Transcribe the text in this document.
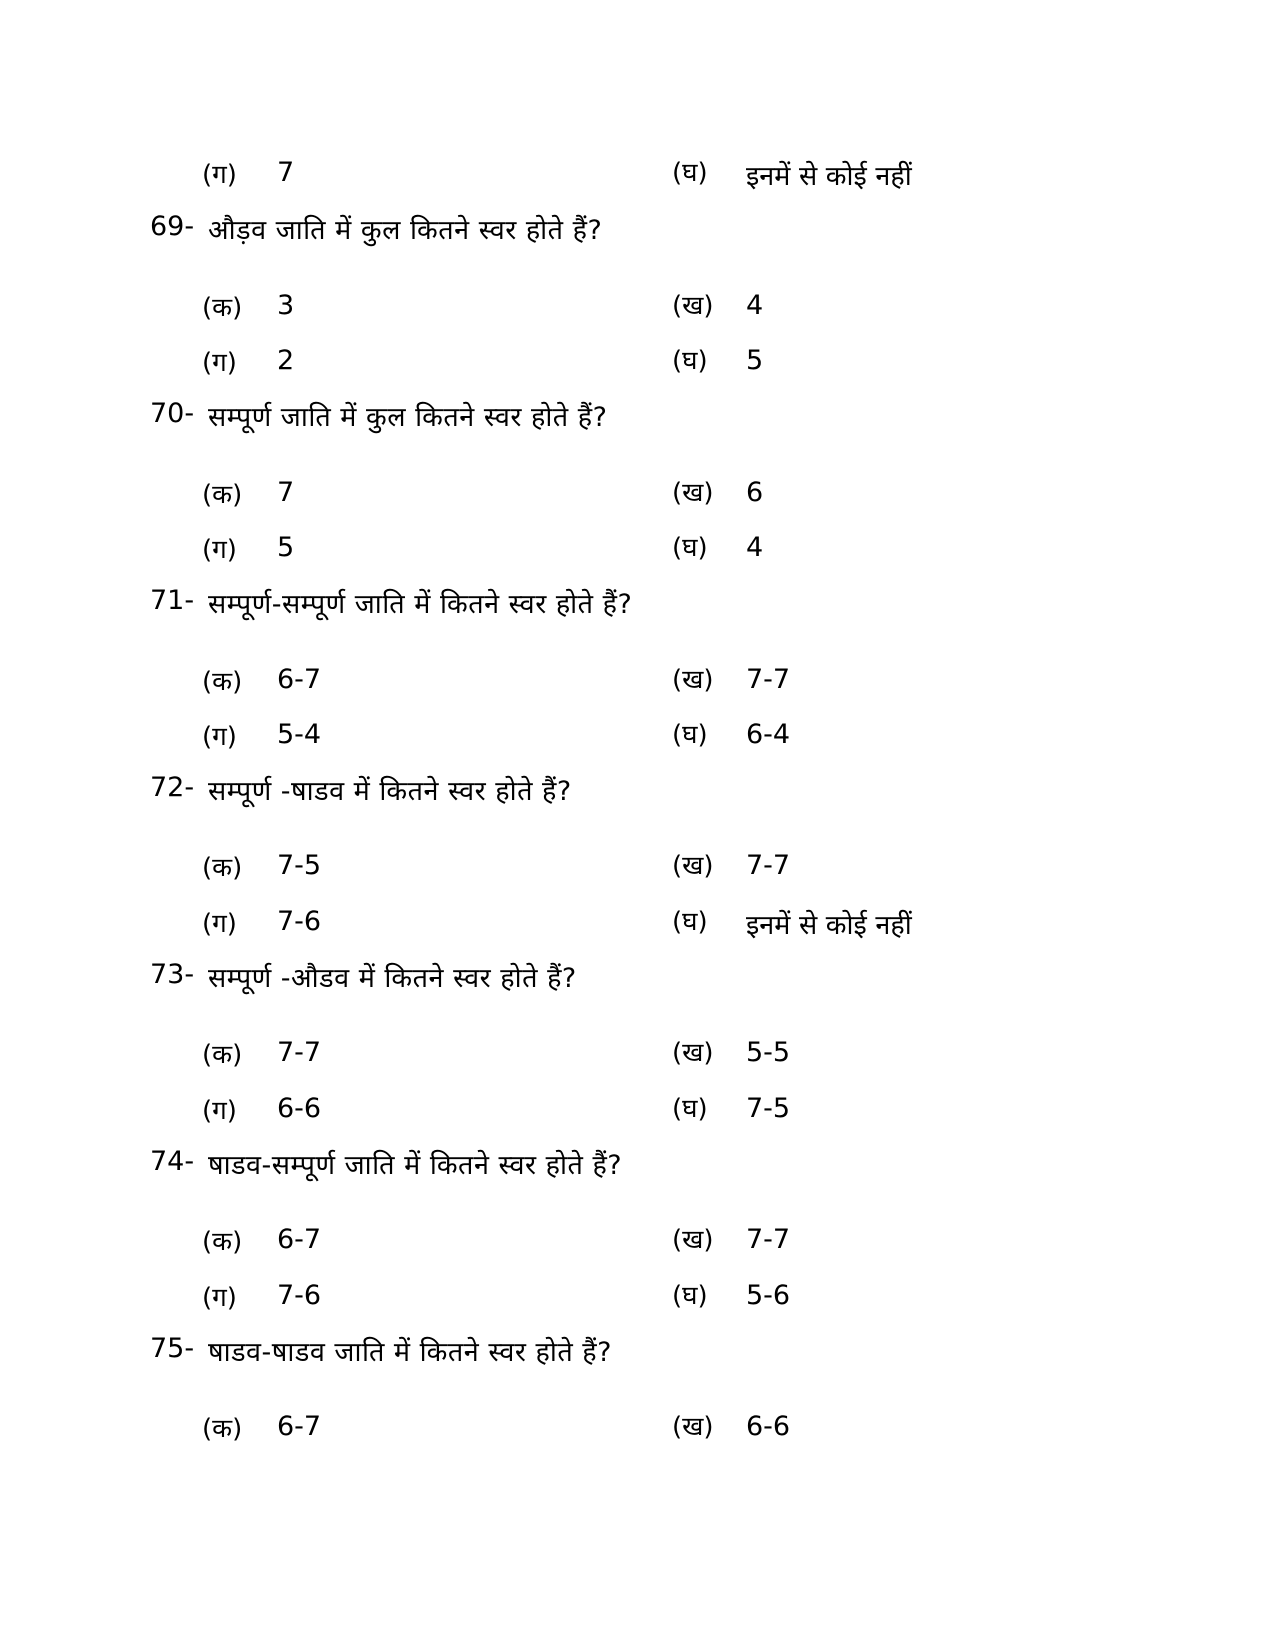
(ग) 7	(घ) इनमें से कोई नहीं
69- औड़व जाति में कुल कितने स्वर होते हैं?
(क) 3	(ख) 4
(ग) 2	(घ) 5
70- सम्पूर्ण जाति में कुल कितने स्वर होते हैं?
(क) 7	(ख) 6
(ग) 5	(घ) 4
71- सम्पूर्ण-सम्पूर्ण जाति में कितने स्वर होते हैं?
(क) 6-7	(ख) 7-7
(ग) 5-4	(घ) 6-4
72- सम्पूर्ण -षाडव में कितने स्वर होते हैं?
(क) 7-5	(ख) 7-7
(ग) 7-6	(घ) इनमें से कोई नहीं
73- सम्पूर्ण -औडव में कितने स्वर होते हैं?
(क) 7-7	(ख) 5-5
(ग) 6-6	(घ) 7-5
74- षाडव-सम्पूर्ण जाति में कितने स्वर होते हैं?
(क) 6-7	(ख) 7-7
(ग) 7-6	(घ) 5-6
75- षाडव-षाडव जाति में कितने स्वर होते हैं?
(क) 6-7	(ख) 6-6
